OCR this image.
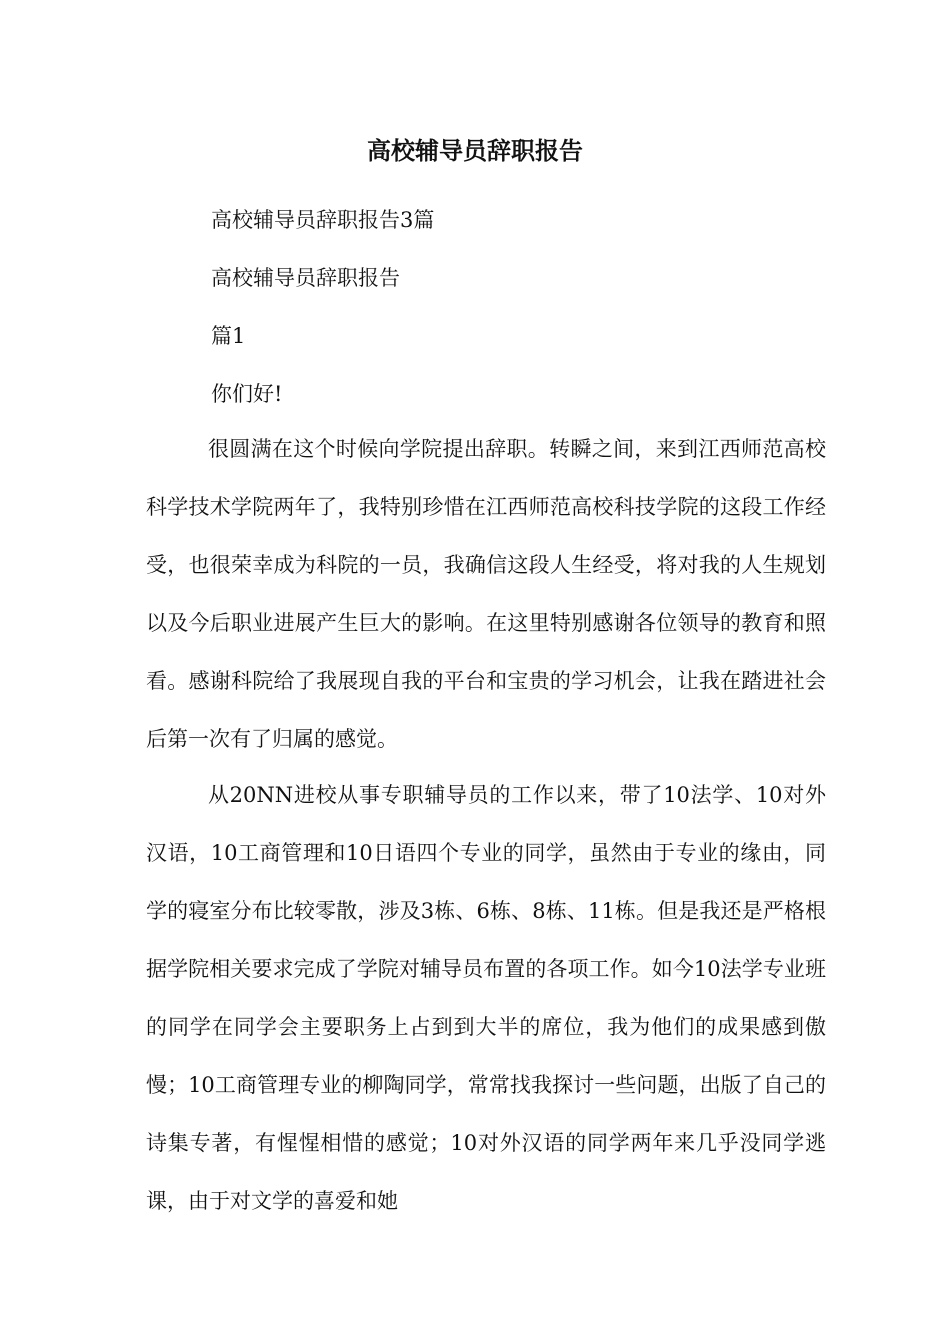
高校辅导员辞职报告

高校辅导员辞职报告3篇

高校辅导员辞职报告

篇1

你们好!

很圆满在这个时候向学院提出辞职。转瞬之间，来到江西师范高校科学技术学院两年了，我特别珍惜在江西师范高校科技学院的这段工作经受，也很荣幸成为科院的一员，我确信这段人生经受，将对我的人生规划以及今后职业进展产生巨大的影响。在这里特别感谢各位领导的教育和照看。感谢科院给了我展现自我的平台和宝贵的学习机会，让我在踏进社会后第一次有了归属的感觉。

从20NN进校从事专职辅导员的工作以来，带了10法学、10对外汉语，10工商管理和10日语四个专业的同学，虽然由于专业的缘由，同学的寝室分布比较零散，涉及3栋、6栋、8栋、11栋。但是我还是严格根据学院相关要求完成了学院对辅导员布置的各项工作。如今10法学专业班的同学在同学会主要职务上占到到大半的席位，我为他们的成果感到傲慢；10工商管理专业的柳陶同学，常常找我探讨一些问题，出版了自己的诗集专著，有惺惺相惜的感觉；10对外汉语的同学两年来几乎没同学逃课，由于对文学的喜爱和她
